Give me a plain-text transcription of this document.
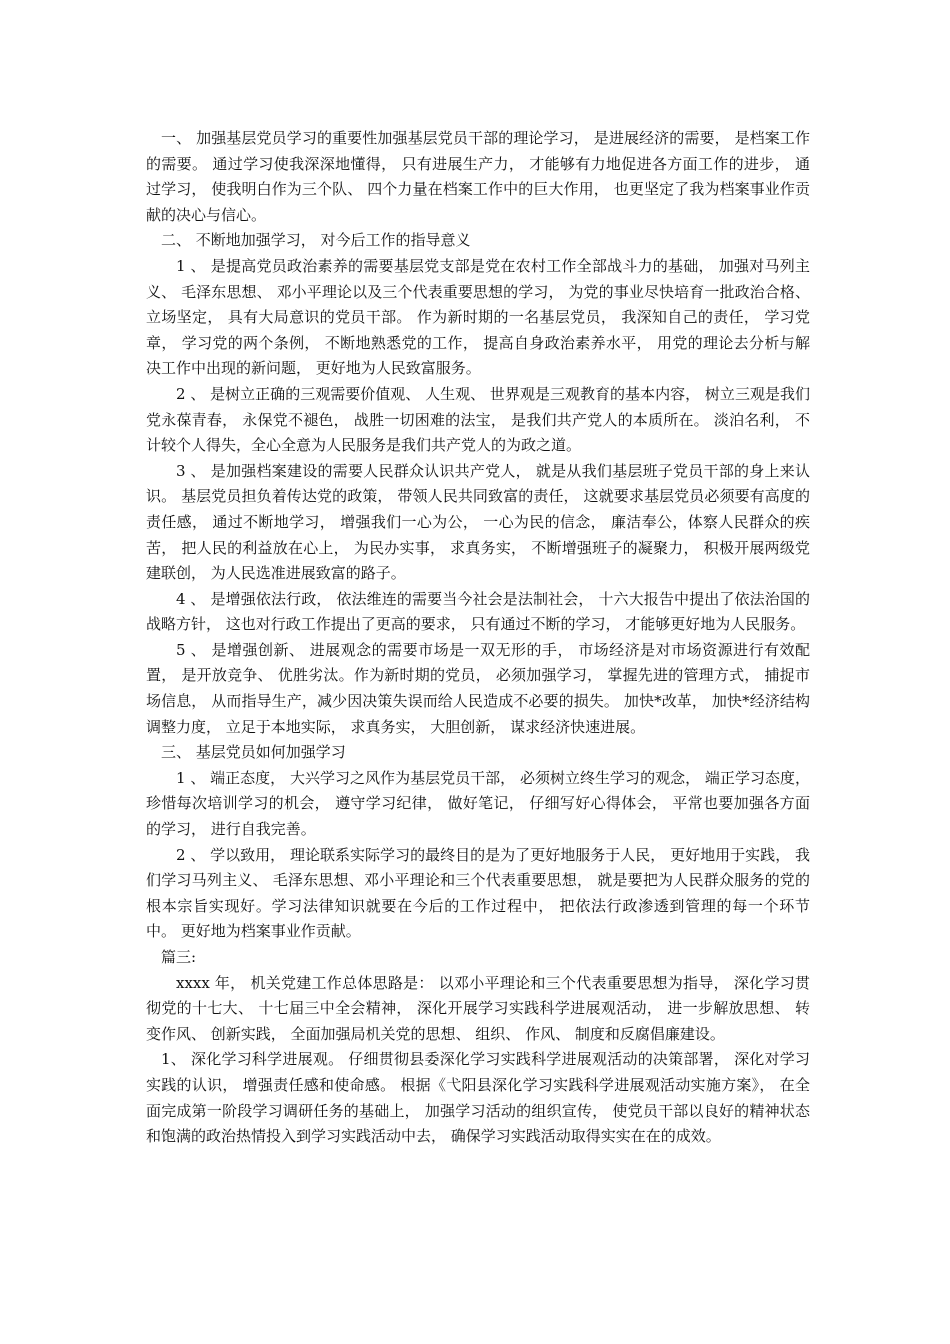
一、 加强基层党员学习的重要性加强基层党员干部的理论学习， 是进展经济的需要， 是档案工作的需要。 通过学习使我深深地懂得， 只有进展生产力， 才能够有力地促进各方面工作的进步， 通过学习， 使我明白作为三个队、 四个力量在档案工作中的巨大作用， 也更坚定了我为档案事业作贡献的决心与信心。

二、 不断地加强学习， 对今后工作的指导意义

1 、 是提高党员政治素养的需要基层党支部是党在农村工作全部战斗力的基础， 加强对马列主义、 毛泽东思想、 邓小平理论以及三个代表重要思想的学习， 为党的事业尽快培育一批政治合格、 立场坚定， 具有大局意识的党员干部。 作为新时期的一名基层党员， 我深知自己的责任， 学习党章， 学习党的两个条例， 不断地熟悉党的工作， 提高自身政治素养水平， 用党的理论去分析与解决工作中出现的新问题， 更好地为人民致富服务。

2 、 是树立正确的三观需要价值观、 人生观、 世界观是三观教育的基本内容， 树立三观是我们党永葆青春， 永保党不褪色， 战胜一切困难的法宝， 是我们共产党人的本质所在。 淡泊名利， 不计较个人得失，全心全意为人民服务是我们共产党人的为政之道。

3 、 是加强档案建设的需要人民群众认识共产党人， 就是从我们基层班子党员干部的身上来认识。 基层党员担负着传达党的政策， 带领人民共同致富的责任， 这就要求基层党员必须要有高度的责任感， 通过不断地学习， 增强我们一心为公， 一心为民的信念， 廉洁奉公，体察人民群众的疾苦， 把人民的利益放在心上， 为民办实事， 求真务实， 不断增强班子的凝聚力， 积极开展两级党建联创， 为人民选准进展致富的路子。

4 、 是增强依法行政， 依法维连的需要当今社会是法制社会， 十六大报告中提出了依法治国的战略方针， 这也对行政工作提出了更高的要求， 只有通过不断的学习， 才能够更好地为人民服务。

5 、 是增强创新、 进展观念的需要市场是一双无形的手， 市场经济是对市场资源进行有效配置， 是开放竞争、 优胜劣汰。作为新时期的党员， 必须加强学习， 掌握先进的管理方式， 捕捉市场信息， 从而指导生产，减少因决策失误而给人民造成不必要的损失。 加快*改革， 加快*经济结构调整力度， 立足于本地实际， 求真务实， 大胆创新， 谋求经济快速进展。

三、 基层党员如何加强学习

1 、 端正态度， 大兴学习之风作为基层党员干部， 必须树立终生学习的观念， 端正学习态度， 珍惜每次培训学习的机会， 遵守学习纪律， 做好笔记， 仔细写好心得体会， 平常也要加强各方面的学习， 进行自我完善。

2 、 学以致用， 理论联系实际学习的最终目的是为了更好地服务于人民， 更好地用于实践， 我们学习马列主义、 毛泽东思想、邓小平理论和三个代表重要思想， 就是要把为人民群众服务的党的根本宗旨实现好。学习法律知识就要在今后的工作过程中， 把依法行政渗透到管理的每一个环节中。 更好地为档案事业作贡献。

篇三:

xxxx 年， 机关党建工作总体思路是： 以邓小平理论和三个代表重要思想为指导， 深化学习贯彻党的十七大、 十七届三中全会精神， 深化开展学习实践科学进展观活动， 进一步解放思想、 转变作风、 创新实践， 全面加强局机关党的思想、 组织、 作风、 制度和反腐倡廉建设。

1、 深化学习科学进展观。 仔细贯彻县委深化学习实践科学进展观活动的决策部署， 深化对学习实践的认识， 增强责任感和使命感。 根据《弋阳县深化学习实践科学进展观活动实施方案》， 在全面完成第一阶段学习调研任务的基础上， 加强学习活动的组织宣传， 使党员干部以良好的精神状态和饱满的政治热情投入到学习实践活动中去， 确保学习实践活动取得实实在在的成效。
